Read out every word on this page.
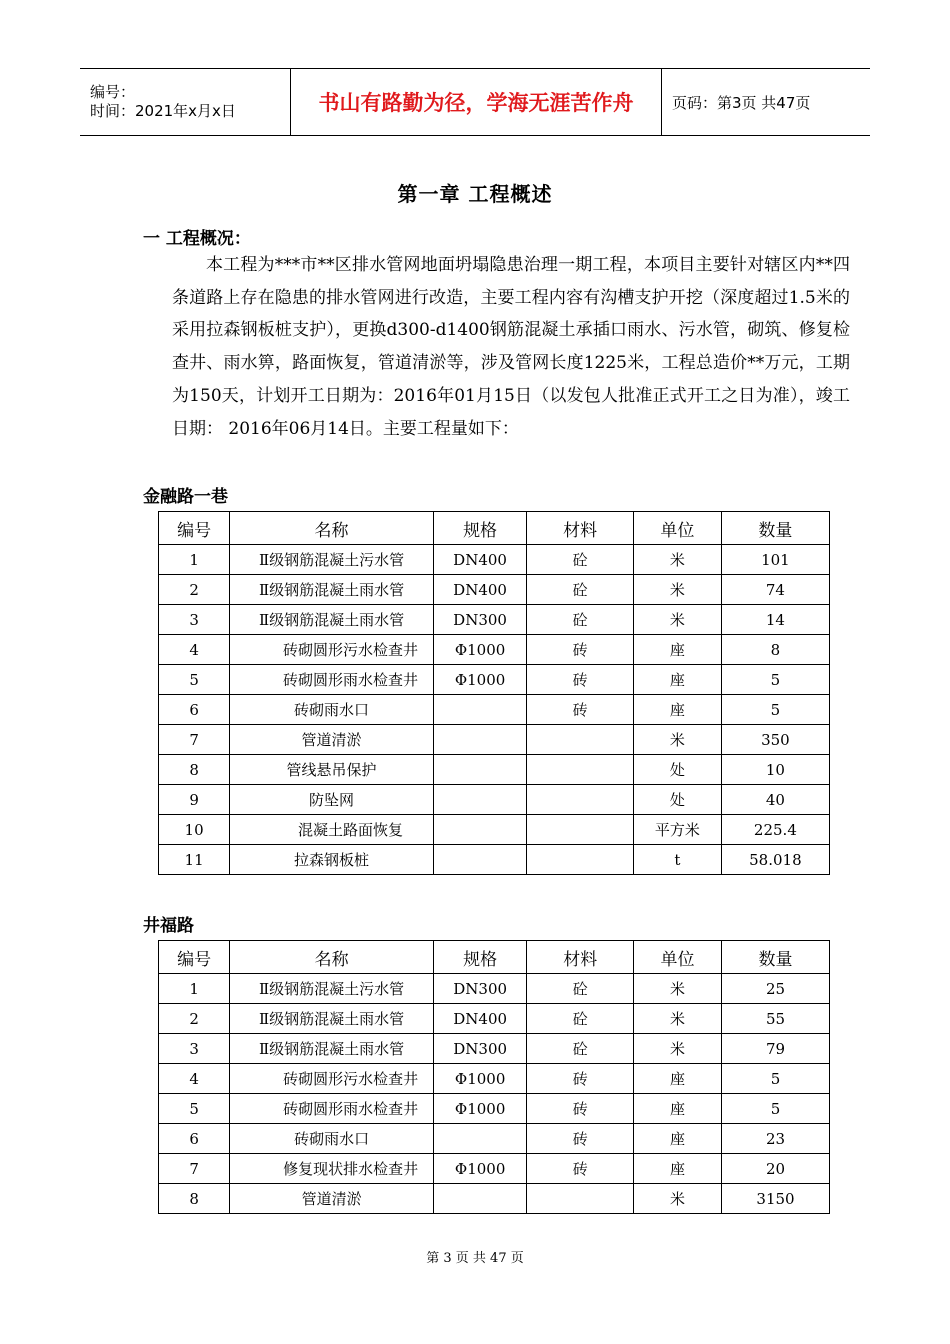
编号：
时间：2021年x月x日	书山有路勤为径，学海无涯苦作舟	页码：第3页 共47页
第一章 工程概述
一 工程概况：
本工程为***市**区排水管网地面坍塌隐患治理一期工程，本项目主要针对辖区内**四条道路上存在隐患的排水管网进行改造，主要工程内容有沟槽支护开挖（深度超过1.5米的采用拉森钢板桩支护），更换d300-d1400钢筋混凝土承插口雨水、污水管，砌筑、修复检查井、雨水箅，路面恢复，管道清淤等，涉及管网长度1225米，工程总造价**万元，工期为150天，计划开工日期为：2016年01月15日（以发包人批准正式开工之日为准），竣工日期： 2016年06月14日。主要工程量如下：
金融路一巷
编号	名称	规格	材料	单位	数量
1	Ⅱ级钢筋混凝土污水管	DN400	砼	米	101
2	Ⅱ级钢筋混凝土雨水管	DN400	砼	米	74
3	Ⅱ级钢筋混凝土雨水管	DN300	砼	米	14
4	砖砌圆形污水检查井	Φ1000	砖	座	8
5	砖砌圆形雨水检查井	Φ1000	砖	座	5
6	砖砌雨水口		砖	座	5
7	管道清淤			米	350
8	管线悬吊保护			处	10
9	防坠网			处	40
10	混凝土路面恢复			平方米	225.4
11	拉森钢板桩			t	58.018
井福路
编号	名称	规格	材料	单位	数量
1	Ⅱ级钢筋混凝土污水管	DN300	砼	米	25
2	Ⅱ级钢筋混凝土雨水管	DN400	砼	米	55
3	Ⅱ级钢筋混凝土雨水管	DN300	砼	米	79
4	砖砌圆形污水检查井	Φ1000	砖	座	5
5	砖砌圆形雨水检查井	Φ1000	砖	座	5
6	砖砌雨水口		砖	座	23
7	修复现状排水检查井	Φ1000	砖	座	20
8	管道清淤			米	3150
第 3 页 共 47 页
